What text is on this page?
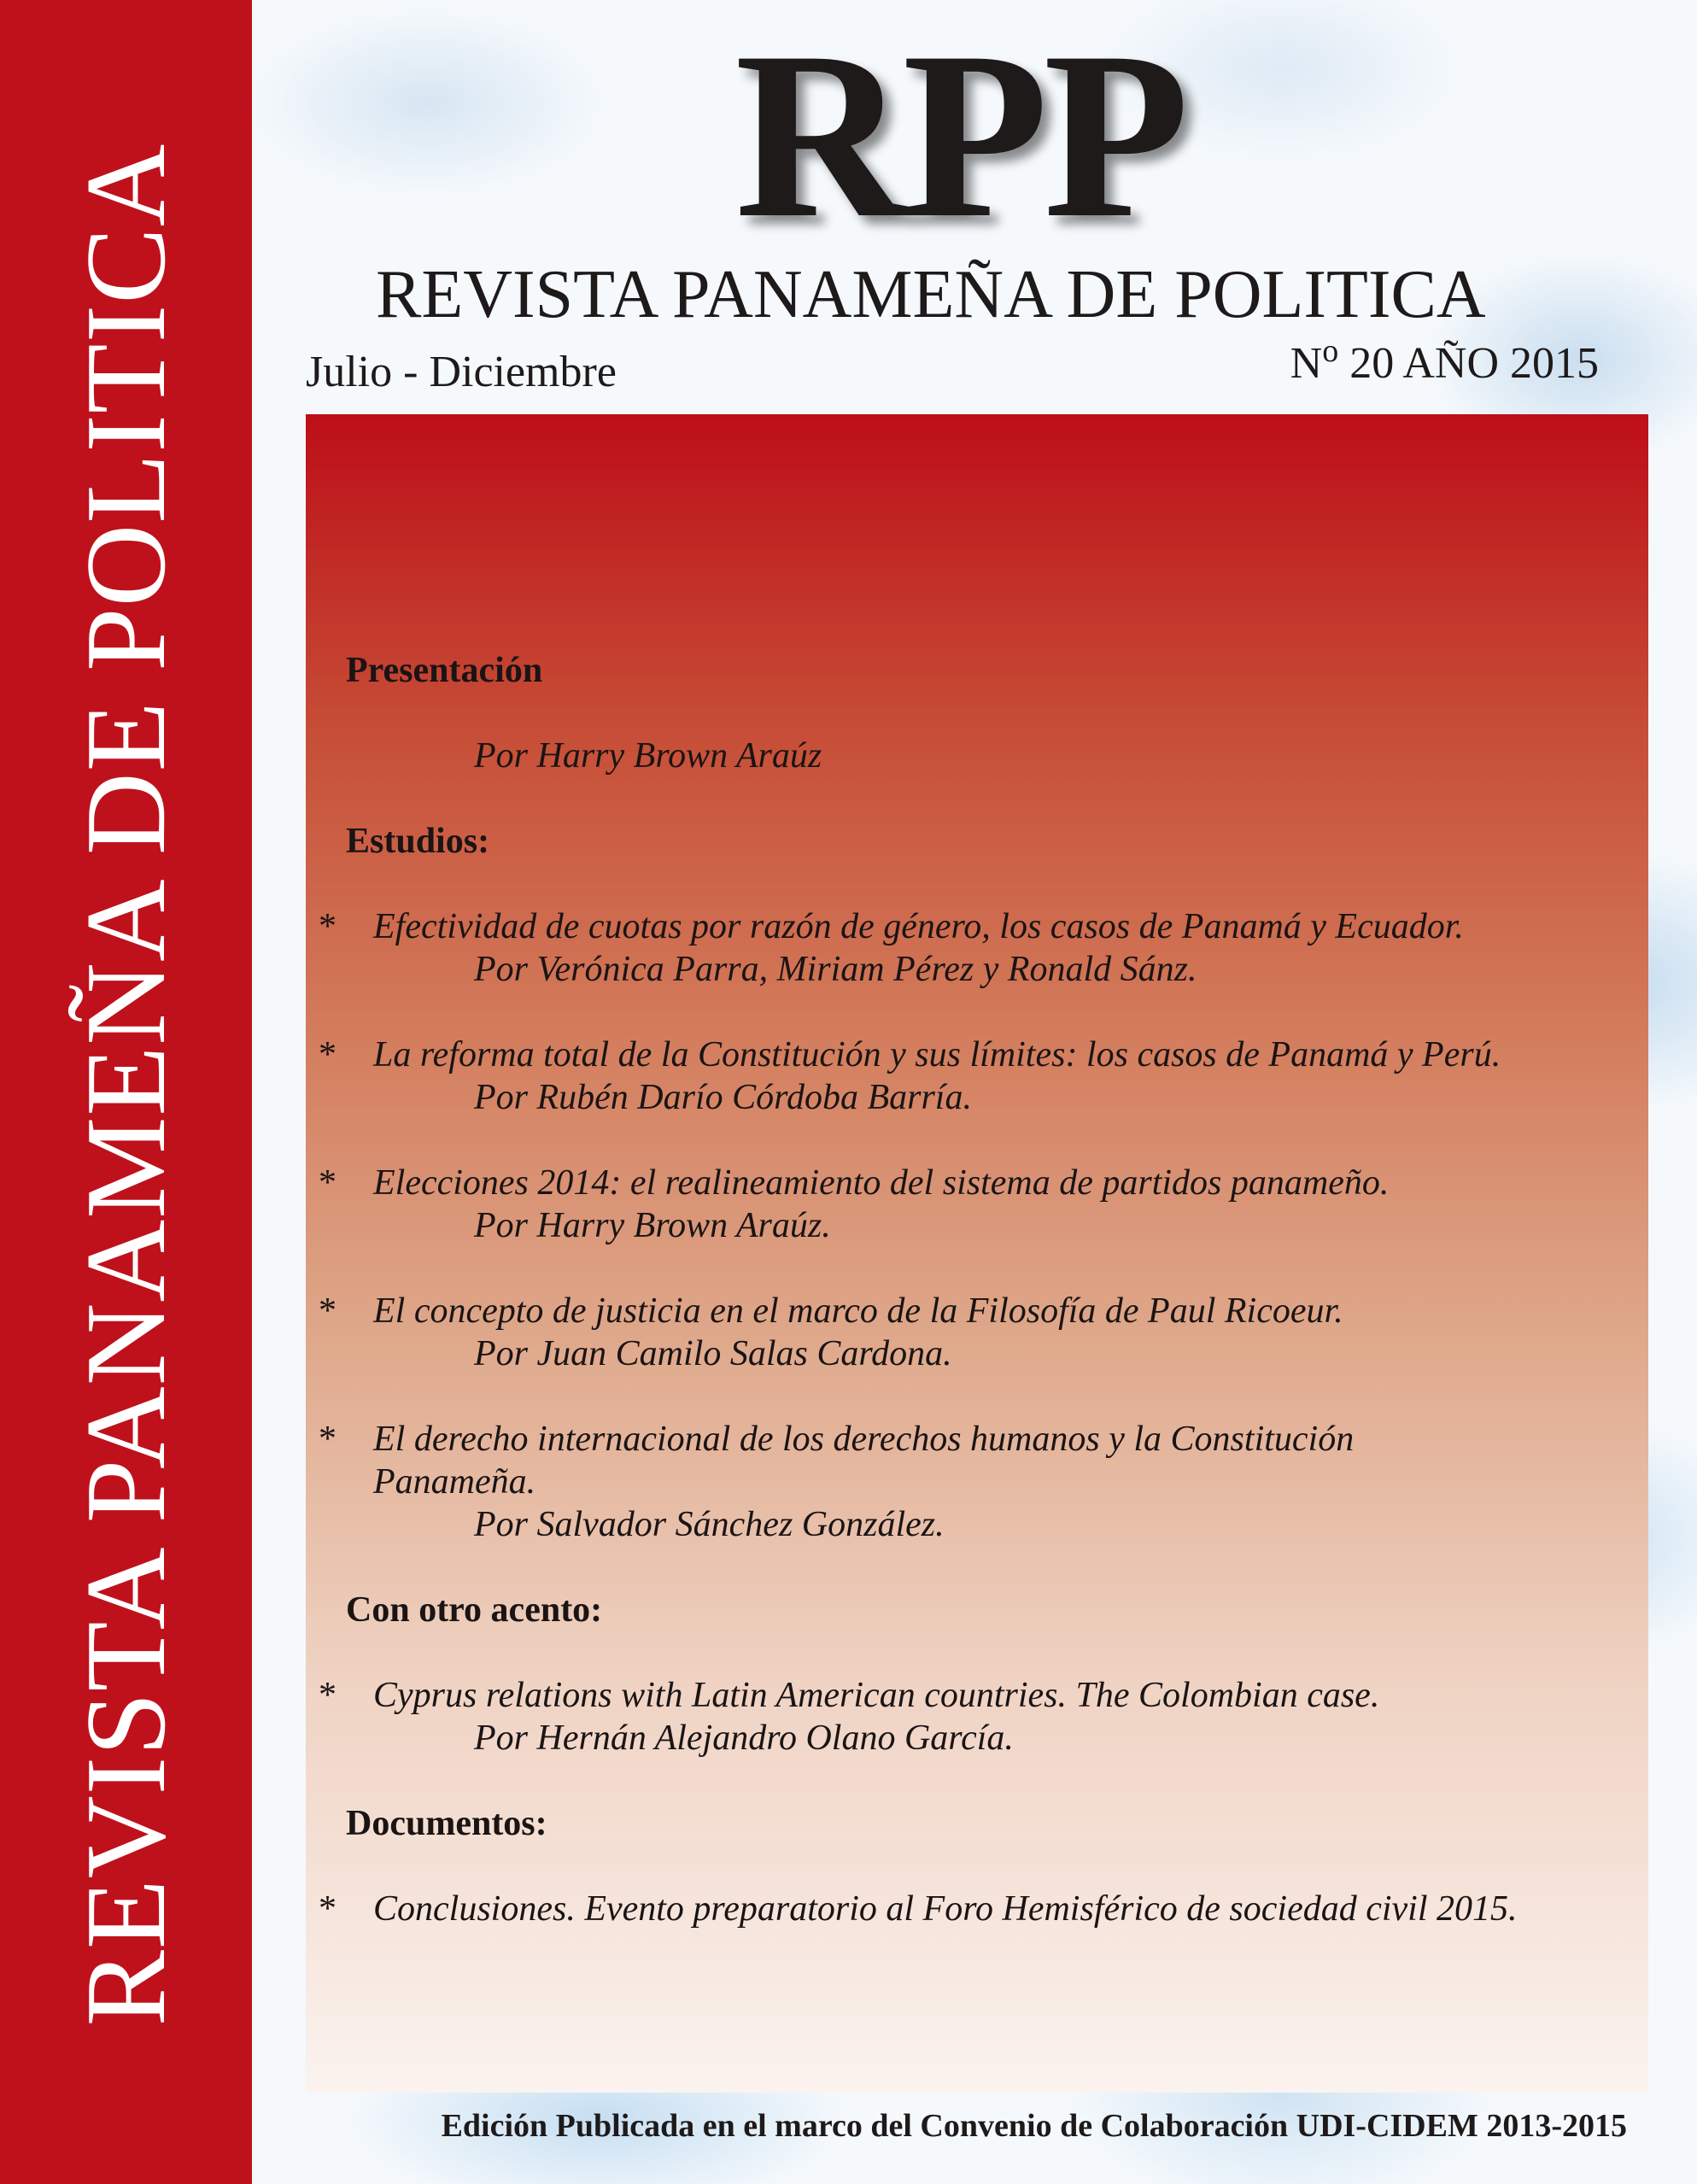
REVISTA PANAMEÑA DE POLITICA
RPP
REVISTA PANAMEÑA DE POLITICA
Julio - Diciembre	$N^o$ 20 AÑO 2015
Presentación
Por Harry Brown Araúz
Estudios:
* Efectividad de cuotas por razón de género, los casos de Panamá y Ecuador.
Por Verónica Parra, Miriam Pérez y Ronald Sánz.
* La reforma total de la Constitución y sus límites: los casos de Panamá y Perú.
Por Rubén Darío Córdoba Barría.
* Elecciones 2014: el realineamiento del sistema de partidos panameño.
Por Harry Brown Araúz.
* El concepto de justicia en el marco de la Filosofía de Paul Ricoeur.
Por Juan Camilo Salas Cardona.
* El derecho internacional de los derechos humanos y la Constitución Panameña.
Por Salvador Sánchez González.
Con otro acento:
* Cyprus relations with Latin American countries. The Colombian case.
Por Hernán Alejandro Olano García.
Documentos:
* Conclusiones. Evento preparatorio al Foro Hemisférico de sociedad civil 2015.
Edición Publicada en el marco del Convenio de Colaboración UDI-CIDEM 2013-2015
